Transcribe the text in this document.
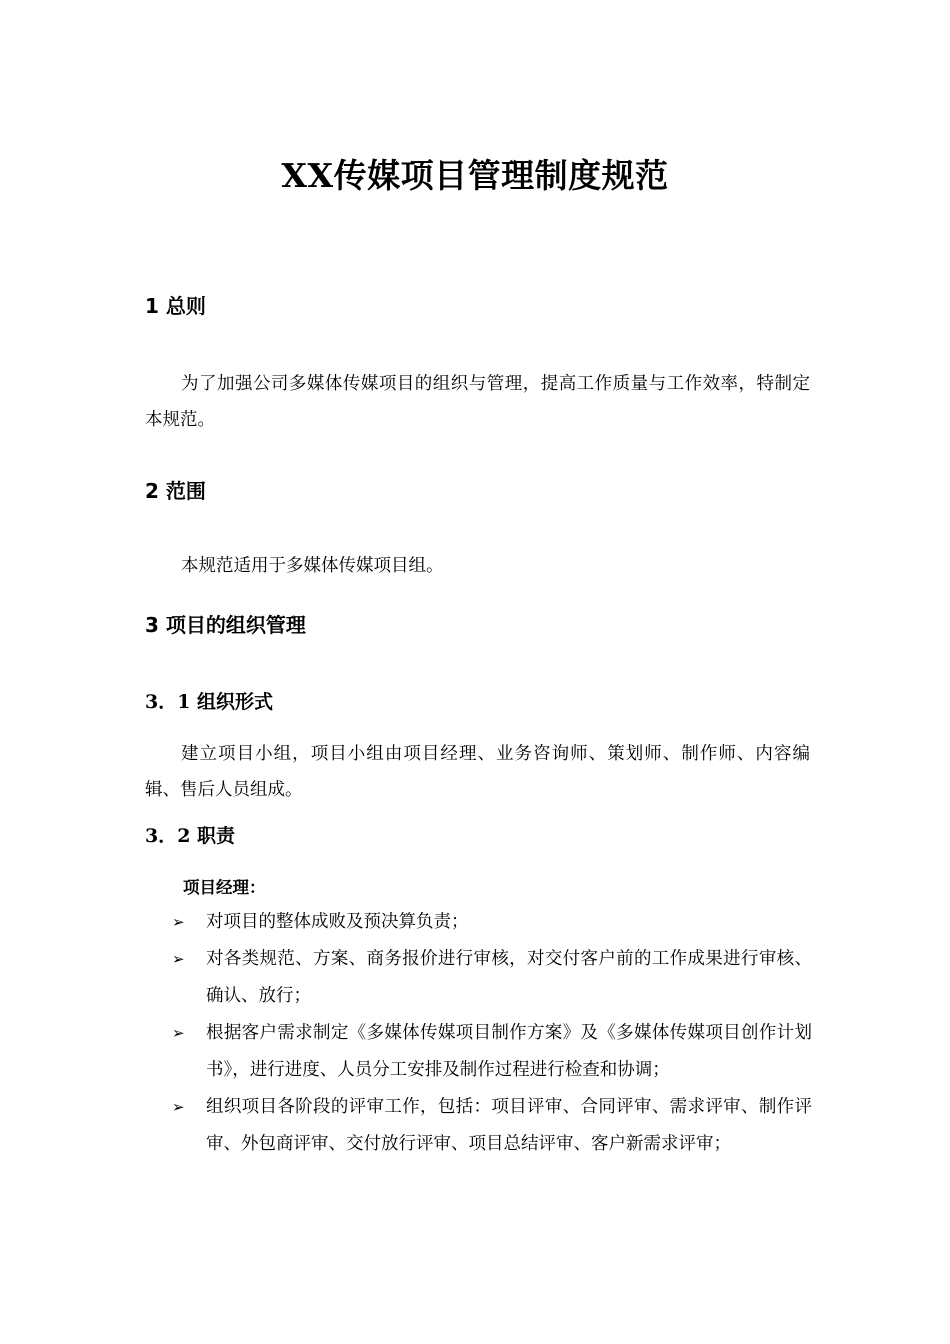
XX传媒项目管理制度规范
1 总则
为了加强公司多媒体传媒项目的组织与管理，提高工作质量与工作效率，特制定本规范。
2 范围
本规范适用于多媒体传媒项目组。
3 项目的组织管理
3．1 组织形式
建立项目小组，项目小组由项目经理、业务咨询师、策划师、制作师、内容编辑、售后人员组成。
3．2 职责
项目经理：
➢	对项目的整体成败及预决算负责；
➢	对各类规范、方案、商务报价进行审核，对交付客户前的工作成果进行审核、确认、放行；
➢	根据客户需求制定《多媒体传媒项目制作方案》及《多媒体传媒项目创作计划书》，进行进度、人员分工安排及制作过程进行检查和协调；
➢	组织项目各阶段的评审工作，包括：项目评审、合同评审、需求评审、制作评审、外包商评审、交付放行评审、项目总结评审、客户新需求评审；
